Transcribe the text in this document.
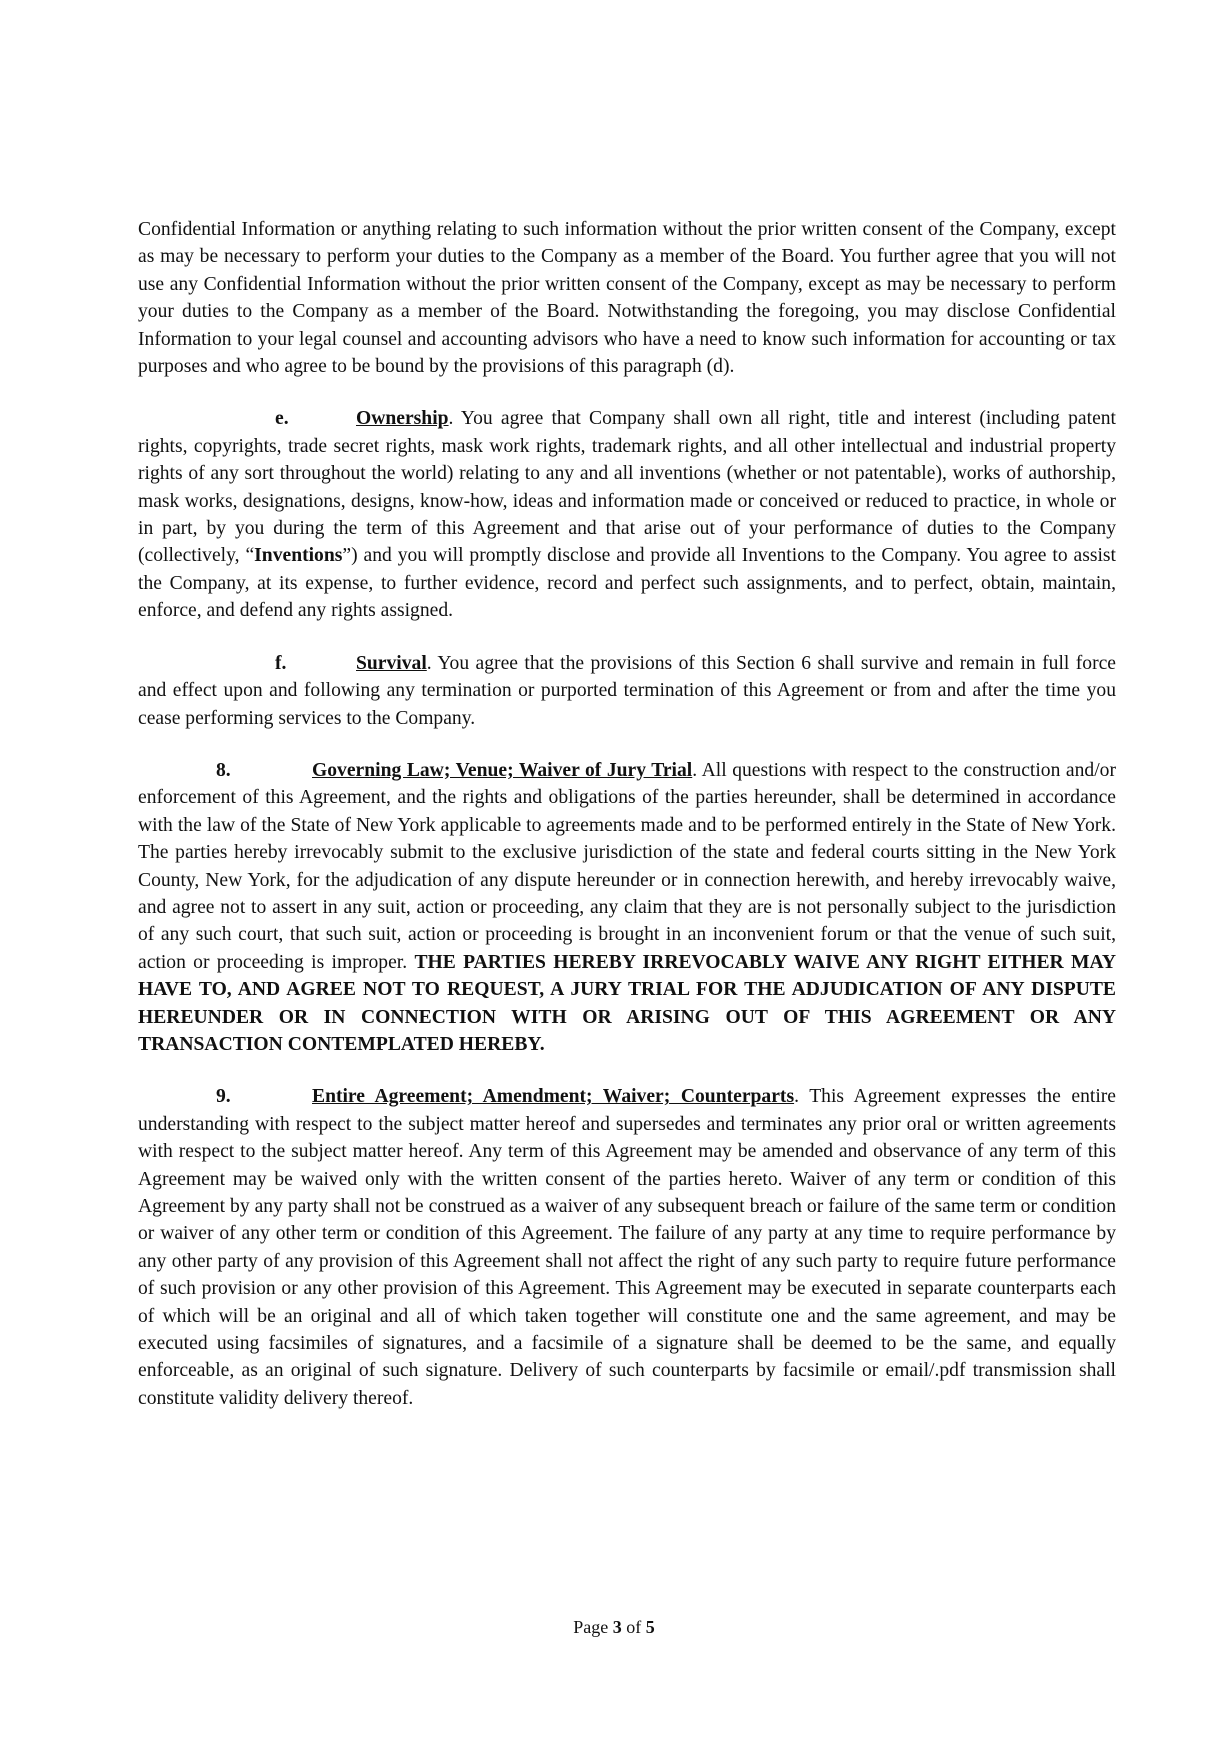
Confidential Information or anything relating to such information without the prior written consent of the Company, except as may be necessary to perform your duties to the Company as a member of the Board. You further agree that you will not use any Confidential Information without the prior written consent of the Company, except as may be necessary to perform your duties to the Company as a member of the Board. Notwithstanding the foregoing, you may disclose Confidential Information to your legal counsel and accounting advisors who have a need to know such information for accounting or tax purposes and who agree to be bound by the provisions of this paragraph (d).

e.	Ownership. You agree that Company shall own all right, title and interest (including patent rights, copyrights, trade secret rights, mask work rights, trademark rights, and all other intellectual and industrial property rights of any sort throughout the world) relating to any and all inventions (whether or not patentable), works of authorship, mask works, designations, designs, know-how, ideas and information made or conceived or reduced to practice, in whole or in part, by you during the term of this Agreement and that arise out of your performance of duties to the Company (collectively, “Inventions”) and you will promptly disclose and provide all Inventions to the Company. You agree to assist the Company, at its expense, to further evidence, record and perfect such assignments, and to perfect, obtain, maintain, enforce, and defend any rights assigned.

f.	Survival. You agree that the provisions of this Section 6 shall survive and remain in full force and effect upon and following any termination or purported termination of this Agreement or from and after the time you cease performing services to the Company.

8.	Governing Law; Venue; Waiver of Jury Trial. All questions with respect to the construction and/or enforcement of this Agreement, and the rights and obligations of the parties hereunder, shall be determined in accordance with the law of the State of New York applicable to agreements made and to be performed entirely in the State of New York. The parties hereby irrevocably submit to the exclusive jurisdiction of the state and federal courts sitting in the New York County, New York, for the adjudication of any dispute hereunder or in connection herewith, and hereby irrevocably waive, and agree not to assert in any suit, action or proceeding, any claim that they are is not personally subject to the jurisdiction of any such court, that such suit, action or proceeding is brought in an inconvenient forum or that the venue of such suit, action or proceeding is improper. THE PARTIES HEREBY IRREVOCABLY WAIVE ANY RIGHT EITHER MAY HAVE TO, AND AGREE NOT TO REQUEST, A JURY TRIAL FOR THE ADJUDICATION OF ANY DISPUTE HEREUNDER OR IN CONNECTION WITH OR ARISING OUT OF THIS AGREEMENT OR ANY TRANSACTION CONTEMPLATED HEREBY.

9.	Entire Agreement; Amendment; Waiver; Counterparts. This Agreement expresses the entire understanding with respect to the subject matter hereof and supersedes and terminates any prior oral or written agreements with respect to the subject matter hereof. Any term of this Agreement may be amended and observance of any term of this Agreement may be waived only with the written consent of the parties hereto. Waiver of any term or condition of this Agreement by any party shall not be construed as a waiver of any subsequent breach or failure of the same term or condition or waiver of any other term or condition of this Agreement. The failure of any party at any time to require performance by any other party of any provision of this Agreement shall not affect the right of any such party to require future performance of such provision or any other provision of this Agreement. This Agreement may be executed in separate counterparts each of which will be an original and all of which taken together will constitute one and the same agreement, and may be executed using facsimiles of signatures, and a facsimile of a signature shall be deemed to be the same, and equally enforceable, as an original of such signature. Delivery of such counterparts by facsimile or email/.pdf transmission shall constitute validity delivery thereof.

Page 3 of 5
